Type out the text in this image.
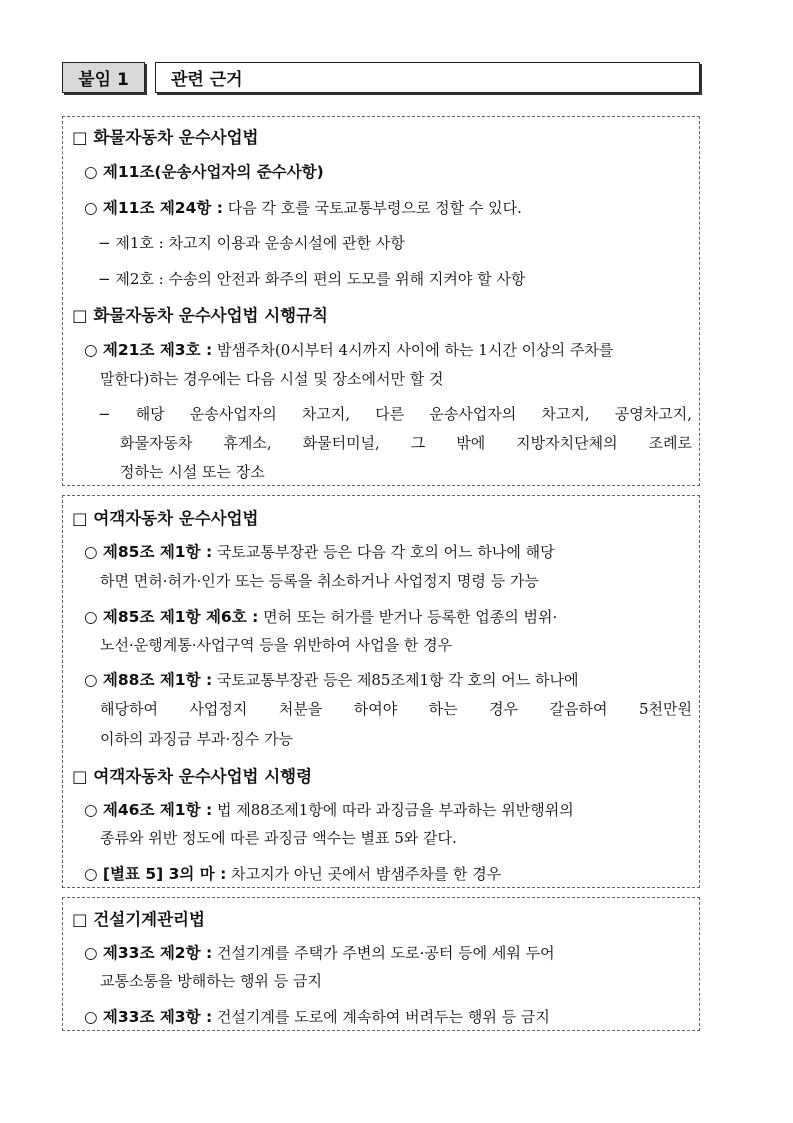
붙임 1	관련 근거
□ 화물자동차 운수사업법
○ 제11조(운송사업자의 준수사항)
○ 제11조 제24항 : 다음 각 호를 국토교통부령으로 정할 수 있다.
− 제1호 : 차고지 이용과 운송시설에 관한 사항
− 제2호 : 수송의 안전과 화주의 편의 도모를 위해 지켜야 할 사항
□ 화물자동차 운수사업법 시행규칙
○ 제21조 제3호 : 밤샘주차(0시부터 4시까지 사이에 하는 1시간 이상의 주차를
말한다)하는 경우에는 다음 시설 및 장소에서만 할 것
− 해당 운송사업자의 차고지, 다른 운송사업자의 차고지, 공영차고지,
화물자동차 휴게소, 화물터미널, 그 밖에 지방자치단체의 조례로
정하는 시설 또는 장소
□ 여객자동차 운수사업법
○ 제85조 제1항 : 국토교통부장관 등은 다음 각 호의 어느 하나에 해당
하면 면허·허가·인가 또는 등록을 취소하거나 사업정지 명령 등 가능
○ 제85조 제1항 제6호 : 면허 또는 허가를 받거나 등록한 업종의 범위·
노선·운행계통·사업구역 등을 위반하여 사업을 한 경우
○ 제88조 제1항 : 국토교통부장관 등은 제85조제1항 각 호의 어느 하나에
해당하여 사업정지 처분을 하여야 하는 경우 갈음하여 5천만원
이하의 과징금 부과·징수 가능
□ 여객자동차 운수사업법 시행령
○ 제46조 제1항 : 법 제88조제1항에 따라 과징금을 부과하는 위반행위의
종류와 위반 정도에 따른 과징금 액수는 별표 5와 같다.
○ [별표 5] 3의 마 : 차고지가 아닌 곳에서 밤샘주차를 한 경우
□ 건설기계관리법
○ 제33조 제2항 : 건설기계를 주택가 주변의 도로·공터 등에 세워 두어
교통소통을 방해하는 행위 등 금지
○ 제33조 제3항 : 건설기계를 도로에 계속하여 버려두는 행위 등 금지
